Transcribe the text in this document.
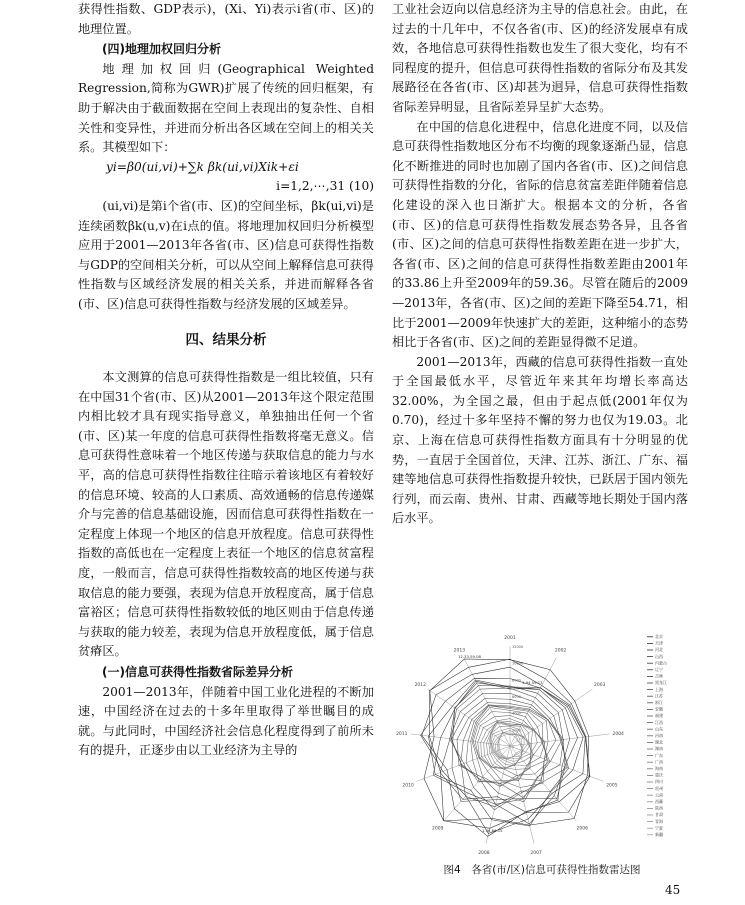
获得性指数、GDP表示)，(Xi、Yi)表示i省(市、区)的地理位置。

(四)地理加权回归分析

地理加权回归(Geographical Weighted Regression,简称为GWR)扩展了传统的回归框架，有助于解决由于截面数据在空间上表现出的复杂性、自相关性和变异性，并进而分析出各区域在空间上的相关关系。其模型如下：

yi=β0(ui,vi)+∑k βk(ui,vi)Xik+εi

i=1,2,⋯,31 (10)

(ui,vi)是第i个省(市、区)的空间坐标，βk(ui,vi)是连续函数βk(u,v)在i点的值。将地理加权回归分析模型应用于2001—2013年各省(市、区)信息可获得性指数与GDP的空间相关分析，可以从空间上解释信息可获得性指数与区域经济发展的相关关系，并进而解释各省(市、区)信息可获得性指数与经济发展的区域差异。

四、结果分析

本文测算的信息可获得性指数是一组比较值，只有在中国31个省(市、区)从2001—2013年这个限定范围内相比较才具有现实指导意义，单独抽出任何一个省(市、区)某一年度的信息可获得性指数将毫无意义。信息可获得性意味着一个地区传递与获取信息的能力与水平，高的信息可获得性指数往往暗示着该地区有着较好的信息环境、较高的人口素质、高效通畅的信息传递媒介与完善的信息基础设施，因而信息可获得性指数在一定程度上体现一个地区的信息开放程度。信息可获得性指数的高低也在一定程度上表征一个地区的信息贫富程度，一般而言，信息可获得性指数较高的地区传递与获取信息的能力要强，表现为信息开放程度高，属于信息富裕区；信息可获得性指数较低的地区则由于信息传递与获取的能力较差，表现为信息开放程度低，属于信息贫瘠区。

(一)信息可获得性指数省际差异分析

2001—2013年，伴随着中国工业化进程的不断加速，中国经济在过去的十多年里取得了举世瞩目的成就。与此同时，中国经济社会信息化程度得到了前所未有的提升，正逐步由以工业经济为主导的

工业社会迈向以信息经济为主导的信息社会。由此，在过去的十几年中，不仅各省(市、区)的经济发展卓有成效，各地信息可获得性指数也发生了很大变化，均有不同程度的提升，但信息可获得性指数的省际分布及其发展路径在各省(市、区)却甚为迥异，信息可获得性指数省际差异明显，且省际差异呈扩大态势。

在中国的信息化进程中，信息化进度不同，以及信息可获得性指数地区分布不均衡的现象逐渐凸显，信息化不断推进的同时也加剧了国内各省(市、区)之间信息可获得性指数的分化，省际的信息贫富差距伴随着信息化建设的深入也日渐扩大。根据本文的分析，各省(市、区)的信息可获得性指数发展态势各异，且各省(市、区)之间的信息可获得性指数差距在进一步扩大，各省(市、区)之间的信息可获得性指数差距由2001年的33.86上升至2009年的59.36。尽管在随后的2009—2013年，各省(市、区)之间的差距下降至54.71，相比于2001—2009年快速扩大的差距，这种缩小的态势相比于各省(市、区)之间的差距显得微不足道。

2001—2013年，西藏的信息可获得性指数一直处于全国最低水平，尽管近年来其年均增长率高达32.00%，为全国之最，但由于起点低(2001年仅为0.70)，经过十多年坚持不懈的努力也仅为19.03。北京、上海在信息可获得性指数方面具有十分明显的优势，一直居于全国首位，天津、江苏、浙江、广东、福建等地信息可获得性指数提升较快，已跃居于国内领先行列，而云南、贵州、甘肃、西藏等地长期处于国内落后水平。

2001
2002
2003
2004
2005
2006
2007
2008
2009
2010
2011
2012
2013
0
2000
4000
6000
8000
10000
12000
12.33,59.08
1.94,59.13
1.36,66.15
北京
天津
河北
山西
内蒙古
辽宁
吉林
黑龙江
上海
江苏
浙江
安徽
福建
江西
山东
河南
湖北
湖南
广东
广西
海南
重庆
四川
贵州
云南
西藏
陕西
甘肃
青海
宁夏
新疆
图4　各省(市/区)信息可获得性指数雷达图
45
